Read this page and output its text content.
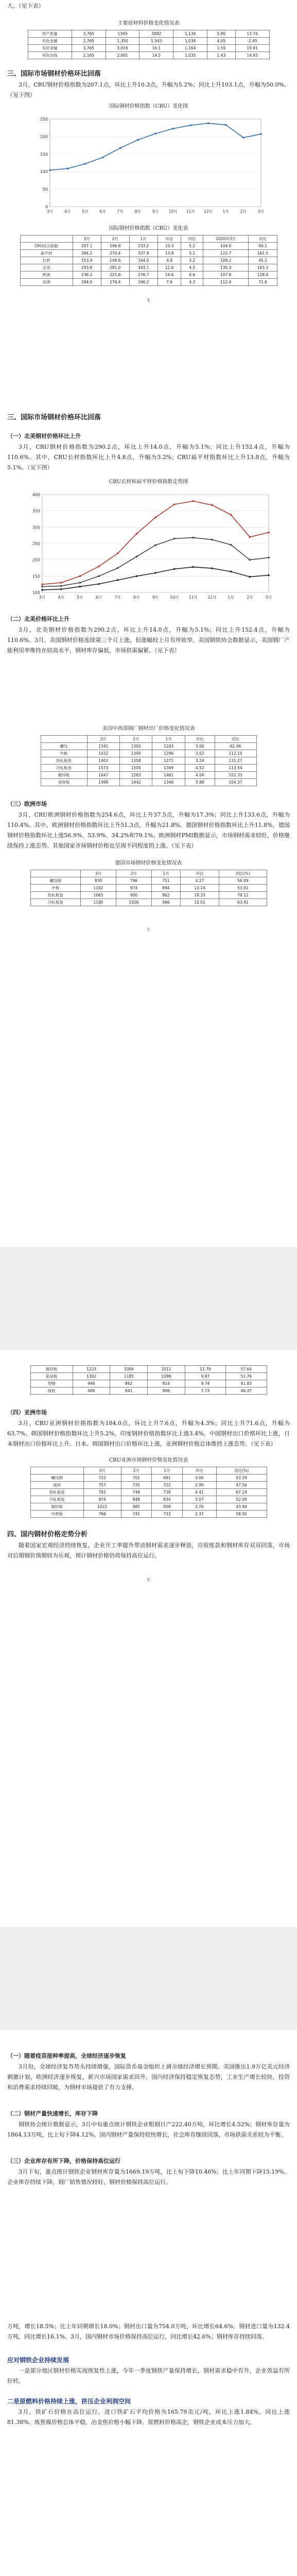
大。（见下表）
主要原材料价格变化情况表
资产质量	3,765	1369	3082	5,134	5.80	13.74
有色金属	2,765	1,350	1,543	1,034	4.05	-2.45
有价金属	3,765	3,016	16.1	1,164	1.59	19.91
有色冶炼	2,165	2,001	14.5	1,035	1.43	14.93
三、国际市场钢材价格环比回落
3月，CRU钢材价格指数为207.1点，环比上升10.3点，升幅为5.2%；同比上升103.1点，升幅为50.0%。（见下图）
国际钢材价格指数（CRU）变化图
0
50
100
150
200
250
3月	4月	5月	6月	7月	8月	9月	10月 11月 12月	1月	2月	3月
国际钢材价格指数（CRU）变化表
	3月	2月	1月	环比	同比	2020年3月	同比
CRU综合指数	207.1	196.8	233.2	10.3	5.2	104.0	99.1
扁平材	284.2	270.4	337.9	13.8	5.1	122.7	161.5
长材	153.4	148.6	164.0	4.8	3.2	108.2	45.2
北美	293.6	281.0	343.1	12.6	4.5	130.3	163.3
欧洲	236.2	221.6	276.7	14.6	6.6	107.8	128.4
亚洲	184.0	176.4	196.2	7.6	4.3	112.4	71.6
4
三、国际市场钢材价格环比回落
（一）北美钢材价格环比上升
3月，CRU钢材价格指数为290.2点，环比上升14.0点，升幅为5.1%；同比上升152.4点，升幅为110.6%。其中，CRU长材指数环比上升4.8点，升幅为3.2%；CRU扁平材指数环比上升13.8点，升幅为5.1%。（见下图）
CRU长材和扁平材价格指数走势图
100
150
200
250
300
350
400
3月	4月	5月	6月	7月	8月	9月	10月	11月	12月	1月	2月	3月
（二）北美价格环比上升
3月，北美钢材价格指数为290.2点，环比上升14.0点，升幅为5.1%；同比上升152.4点，升幅为110.6%。3月，美国钢材价格连续第三个月上涨，但涨幅较上月有所收窄。美国钢铁协会数据显示，美国钢厂产能利用率维持在较高水平，钢材库存偏低，市场供需偏紧。（见下表）
美国中西部钢厂钢材出厂价格变化情况表
	3月	2月	1月	环比	同比
螺纹	1341	1302	1243	3.00	62.46
中板	1432	1390	1296	3.02	112.15
热轧板卷	1402	1358	1271	3.24	131.27
冷轧板卷	1573	1505	1399	4.52	113.54
镀锌板	1647	1583	1461	4.04	102.33
宽厚板	1498	1442	1346	3.88	104.37
（三）欧洲市场
3月，CRU欧洲钢材价格指数为254.6点，环比上升37.5点，升幅为17.3%；同比上升133.6点，升幅为110.4%。其中，欧洲钢材价格指数环比上升51.3点，升幅为21.8%。德国钢材价格指数环比上升11.8%，德国钢材价格指数环比上涨56.9%、53.9%、34.2%和79.1%。欧洲钢材PMI数据显示，市场钢材需求较旺，价格继续保持上涨态势。其他国家市场钢材价格也呈现不同程度的上涨。（见下表）
德国市场钢材价格变化情况表
	3月	2月	1月	环比	同比(%)
螺纹钢	830	796	751	4.27	56.09
中板	1102	974	894	13.14	53.91
热轧板卷	1065	900	862	18.33	79.12
冷轧板卷	1180	1026	966	15.01	63.41
5
镀锌板	1223	1094	1011	11.79	57.64
彩涂板	1302	1185	1096	9.87	51.76
型钢	946	862	814	9.74	41.83
线材	906	841	806	7.73	46.37
（四）亚洲市场
3月，CRU亚洲钢材价格指数为184.0点，环比上升7.6点，升幅为4.3%；同比上升71.6点，升幅为63.7%。韩国钢材价格指数环比上升5.2%，印度钢材价格指数环比上涨3.4%。中国钢材出口价格环比上涨，日本钢材出口价格环比上升。日本、韩国钢材出口价格环比上涨，亚洲钢材价格总体维持上涨态势。（见下表）
CRU亚洲市场钢材价格变化情况表
	3月	2月	1月	环比	同比(%)
螺纹钢	722	701	691	3.00	53.29
线材	757	735	722	2.99	47.56
热轧板卷	781	748	738	4.41	67.24
冷轧板卷	874	848	834	3.07	52.00
镀锌板	1022	985	958	3.76	43.94
中厚板	766	741	733	3.37	58.92
四、国内钢材价格走势分析
随着国家宏观经济持续恢复，企业开工率提升带动钢材需求逐步释放，应收账款和钢材库存双双回落，市场对后期钢价预期较为乐观，预计钢材价格仍将保持高位运行。
6
（一）随着疫苗接种率提高，全球经济逐步恢复
3月份，全球经济复苏势头持续增强，国际货币基金组织上调全球经济增长预期。美国推出1.9万亿美元经济刺激计划，欧洲经济逐步恢复，新兴市场国家需求回升。国内经济保持稳定恢复态势，工业生产增长较快，投资和消费需求持续回暖，为钢材市场提供了有力支撑。
（二）钢材产量快速增长，库存下降
钢铁协会统计数据显示，3月中旬重点统计钢铁企业粗钢日产222.40万吨，环比增长4.52%；钢材库存量为1864.13万吨，比上旬下降4.12%。国内钢材产量保持较快增长，社会库存继续回落，市场供需关系较为平衡。
（三）企业库存有所下降，价格保持高位运行
3月下旬，重点统计钢铁企业钢材库存量为1669.19万吨，比上旬下降10.46%；比上年同期下降15.19%。企业库存持续下降，钢厂销售情况较好，钢材价格保持高位运行。
万吨，增长18.5%；比上年同期增长18.0%；钢材出口量为754.0万吨，环比增长64.6%。钢材进口量为132.4万吨，同比增长16.1%。3月，国内钢材市场价格保持高位运行，同比增长42.6%；钢材库存持续回落。
应对钢铁企业持续发展
一是部分地区钢材价格实现恢复性上涨，今年一季度钢铁产量保持增长，钢材需求稳中有升，企业效益有所好转。
二是原燃料价格持续上涨，挤压企业利润空间
3月，铁矿石价格在高位运行，进口铁矿石平均价格为165.79美元/吨，环比上涨1.84%，同比上涨81.38%。炼焦煤价格总体平稳，冶金焦价格小幅下降。原燃料价格高企，钢铁企业成本压力加大。
